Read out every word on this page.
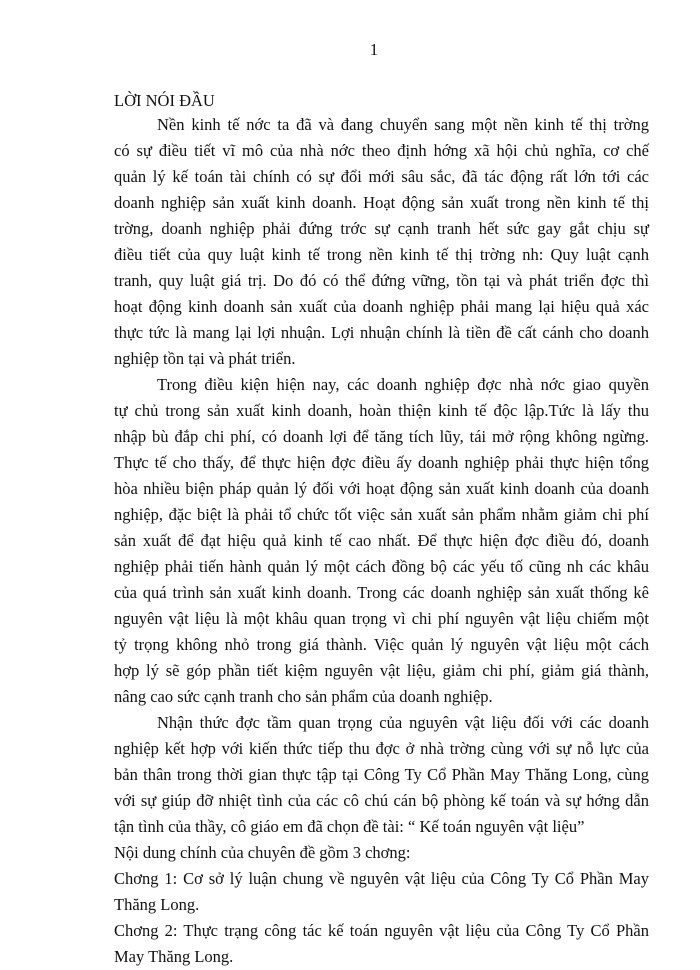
1
LỜI NÓI ĐẦU

Nền kinh tế nớc ta đã và đang chuyển sang một nền kinh tế thị trờng
có sự điều tiết vĩ mô của nhà nớc theo định hớng xã hội chủ nghĩa, cơ chế
quản lý kế toán tài chính có sự đổi mới sâu sắc, đã tác động rất lớn tới các
doanh nghiệp sản xuất kinh doanh. Hoạt động sản xuất trong nền kinh tế thị
trờng, doanh nghiệp phải đứng trớc sự cạnh tranh hết sức gay gắt chịu sự
điều tiết của quy luật kinh tế trong nền kinh tế thị trờng nh: Quy luật cạnh
tranh, quy luật giá trị. Do đó có thể đứng vững, tồn tại và phát triển đợc thì
hoạt động kinh doanh sản xuất của doanh nghiệp phải mang lại hiệu quả xác
thực tức là mang lại lợi nhuận. Lợi nhuận chính là tiền đề cất cánh cho doanh
nghiệp tồn tại và phát triển.

Trong điều kiện hiện nay, các doanh nghiệp đợc nhà nớc giao quyền
tự chủ trong sản xuất kinh doanh, hoàn thiện kinh tế độc lập.Tức là lấy thu
nhập bù đắp chi phí, có doanh lợi để tăng tích lũy, tái mở rộng không ngừng.
Thực tế cho thấy, để thực hiện đợc điều ấy doanh nghiệp phải thực hiện tổng
hòa nhiều biện pháp quản lý đối với hoạt động sản xuất kinh doanh của doanh
nghiệp, đặc biệt là phải tổ chức tốt việc sản xuất sản phẩm nhằm giảm chi phí
sản xuất để đạt hiệu quả kinh tế cao nhất. Để thực hiện đợc điều đó, doanh
nghiệp phải tiến hành quản lý một cách đồng bộ các yếu tố cũng nh các khâu
của quá trình sản xuất kinh doanh. Trong các doanh nghiệp sản xuất thống kê
nguyên vật liệu là một khâu quan trọng vì chi phí nguyên vật liệu chiếm một
tỷ trọng không nhỏ trong giá thành. Việc quản lý nguyên vật liệu một cách
hợp lý sẽ góp phần tiết kiệm nguyên vật liệu, giảm chi phí, giảm giá thành,
nâng cao sức cạnh tranh cho sản phẩm của doanh nghiệp.

Nhận thức đợc tầm quan trọng của nguyên vật liệu đối với các doanh
nghiệp kết hợp với kiến thức tiếp thu đợc ở nhà trờng cùng với sự nỗ lực của
bản thân trong thời gian thực tập tại Công Ty Cổ Phần May Thăng Long, cùng
với sự giúp đỡ nhiệt tình của các cô chú cán bộ phòng kế toán và sự hớng dẫn
tận tình của thầy, cô giáo em đã chọn đề tài: “ Kế toán nguyên vật liệu”

Nội dung chính của chuyên đề gồm 3 chơng:

Chơng 1: Cơ sở lý luận chung về nguyên vật liệu của Công Ty Cổ Phần May
Thăng Long.

Chơng 2: Thực trạng công tác kế toán nguyên vật liệu của Công Ty Cổ Phần
May Thăng Long.
